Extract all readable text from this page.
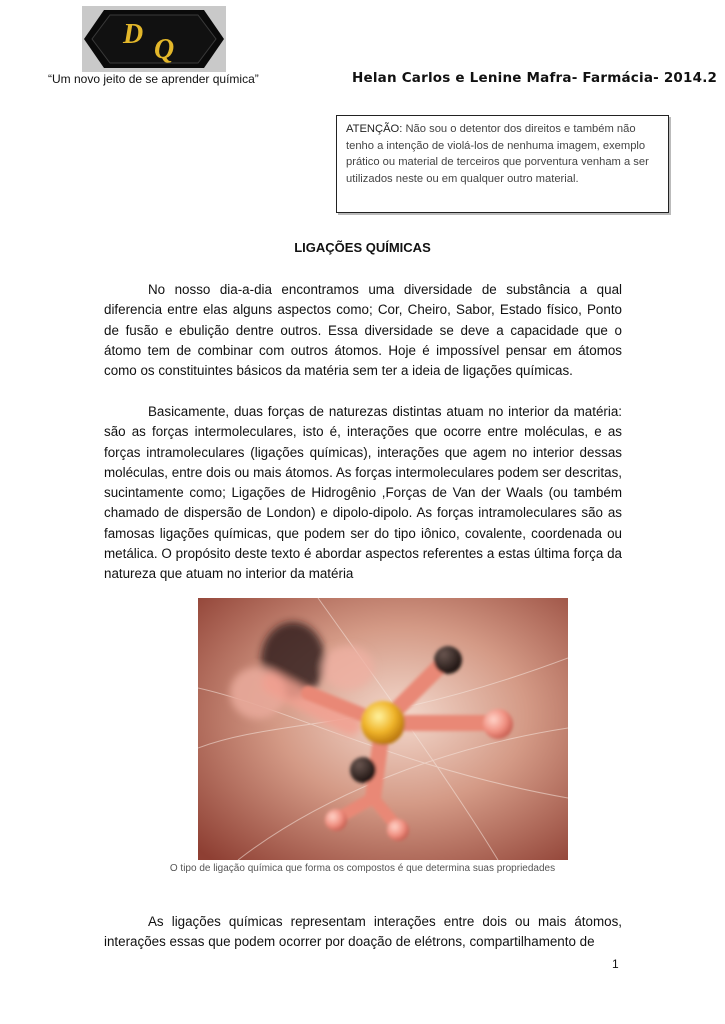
D Q
“Um novo jeito de se aprender química”	Helan Carlos e Lenine Mafra- Farmácia- 2014.2
ATENÇÃO: Não sou o detentor dos direitos e também não tenho a intenção de violá-los de nenhuma imagem, exemplo prático ou material de terceiros que porventura venham a ser utilizados neste ou em qualquer outro material.
LIGAÇÕES QUÍMICAS

No nosso dia-a-dia encontramos uma diversidade de substância a qual diferencia entre elas alguns aspectos como; Cor, Cheiro, Sabor, Estado físico, Ponto de fusão e ebulição dentre outros. Essa diversidade se deve a capacidade que o átomo tem de combinar com outros átomos. Hoje é impossível pensar em átomos como os constituintes básicos da matéria sem ter a ideia de ligações químicas.

Basicamente, duas forças de naturezas distintas atuam no interior da matéria: são as forças intermoleculares, isto é, interações que ocorre entre moléculas, e as forças intramoleculares (ligações químicas), interações que agem no interior dessas moléculas, entre dois ou mais átomos. As forças intermoleculares podem ser descritas, sucintamente como; Ligações de Hidrogênio ,Forças de Van der Waals (ou também chamado de dispersão de London) e dipolo-dipolo. As forças intramoleculares são as famosas ligações químicas, que podem ser do tipo iônico, covalente, coordenada ou metálica. O propósito deste texto é abordar aspectos referentes a estas última força da natureza que atuam no interior da matéria

O tipo de ligação química que forma os compostos é que determina suas propriedades

As ligações químicas representam interações entre dois ou mais átomos, interações essas que podem ocorrer por doação de elétrons, compartilhamento de

1
